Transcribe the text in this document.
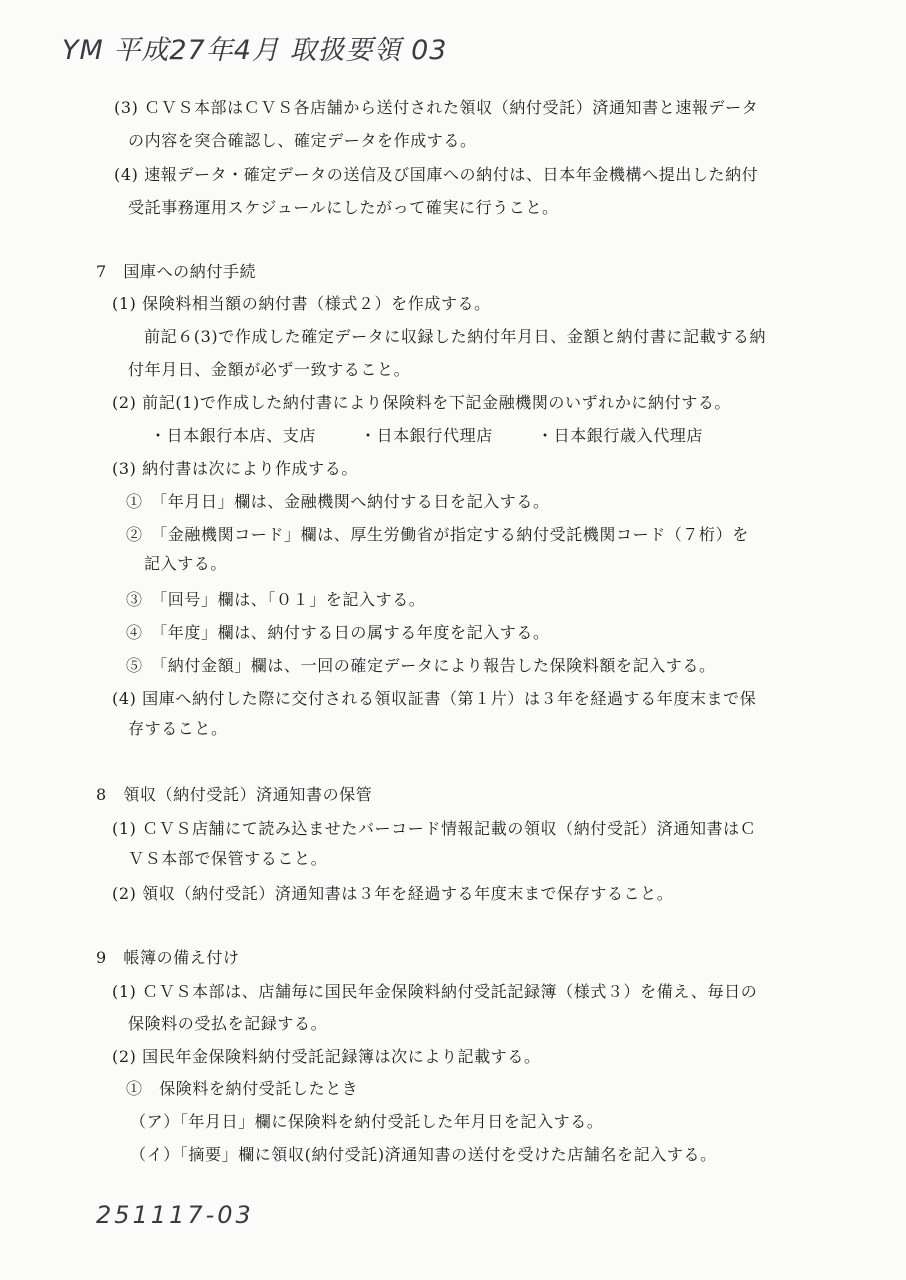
YM 平成27年4月 取扱要領 03
(3) ＣＶＳ本部はＣＶＳ各店舗から送付された領収（納付受託）済通知書と速報データ
の内容を突合確認し、確定データを作成する。
(4) 速報データ・確定データの送信及び国庫への納付は、日本年金機構へ提出した納付
受託事務運用スケジュールにしたがって確実に行うこと。
7　国庫への納付手続
(1) 保険料相当額の納付書（様式２）を作成する。
前記６(3)で作成した確定データに収録した納付年月日、金額と納付書に記載する納
付年月日、金額が必ず一致すること。
(2) 前記(1)で作成した納付書により保険料を下記金融機関のいずれかに納付する。
・日本銀行本店、支店	・日本銀行代理店	・日本銀行歳入代理店
(3) 納付書は次により作成する。
①　「年月日」欄は、金融機関へ納付する日を記入する。
②　「金融機関コード」欄は、厚生労働省が指定する納付受託機関コード（７桁）を
記入する。
③　「回号」欄は、「０１」を記入する。
④　「年度」欄は、納付する日の属する年度を記入する。
⑤　「納付金額」欄は、一回の確定データにより報告した保険料額を記入する。
(4) 国庫へ納付した際に交付される領収証書（第１片）は３年を経過する年度末まで保
存すること。
8　領収（納付受託）済通知書の保管
(1) ＣＶＳ店舗にて読み込ませたバーコード情報記載の領収（納付受託）済通知書はＣ
ＶＳ本部で保管すること。
(2) 領収（納付受託）済通知書は３年を経過する年度末まで保存すること。
9　帳簿の備え付け
(1) ＣＶＳ本部は、店舗毎に国民年金保険料納付受託記録簿（様式３）を備え、毎日の
保険料の受払を記録する。
(2) 国民年金保険料納付受託記録簿は次により記載する。
①　保険料を納付受託したとき
（ア）「年月日」欄に保険料を納付受託した年月日を記入する。
（イ）「摘要」欄に領収(納付受託)済通知書の送付を受けた店舗名を記入する。
251117-03
